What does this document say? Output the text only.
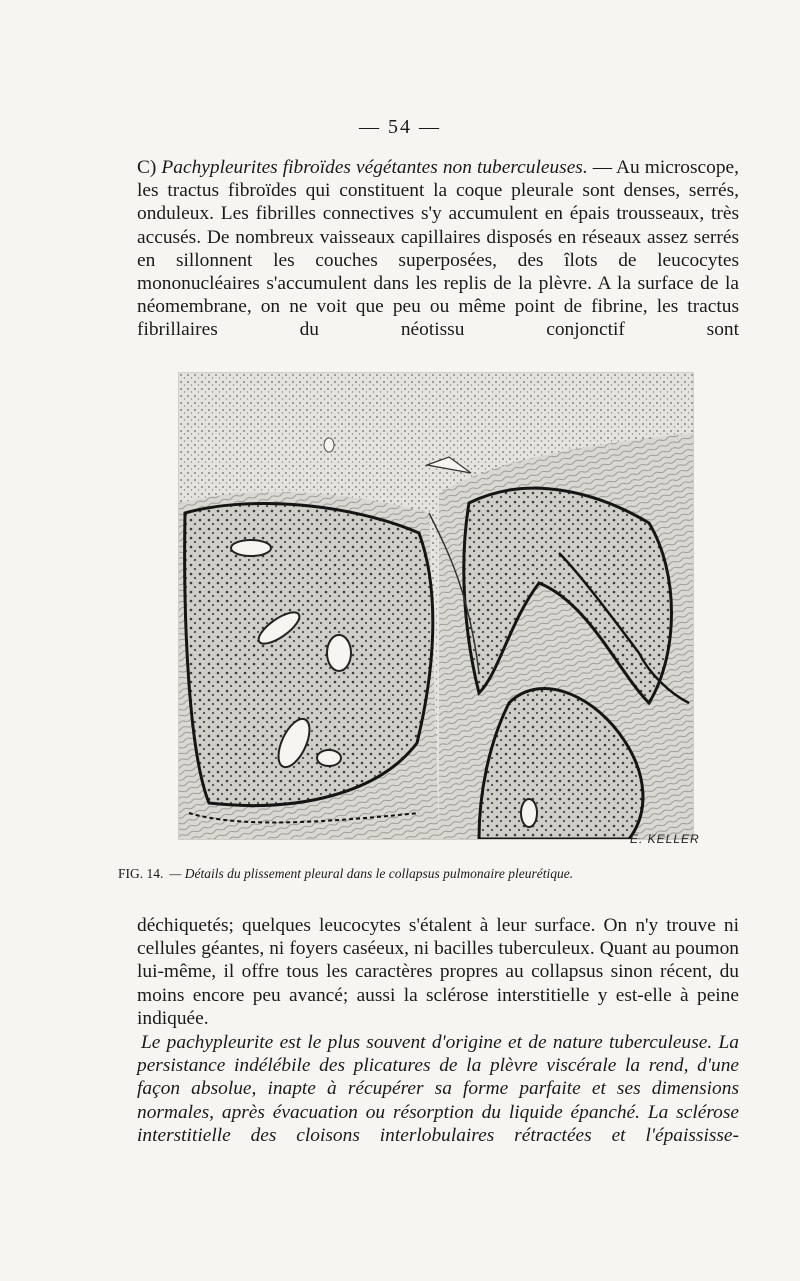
— 54 —

C) Pachypleurites fibroïdes végétantes non tuberculeuses. — Au microscope, les tractus fibroïdes qui constituent la coque pleurale sont denses, serrés, onduleux. Les fibrilles connectives s'y accumulent en épais trousseaux, très accusés. De nombreux vaisseaux capillaires disposés en réseaux assez serrés en sillonnent les couches superposées, des îlots de leucocytes mononucléaires s'accumulent dans les replis de la plèvre. A la surface de la néomembrane, on ne voit que peu ou même point de fibrine, les tractus fibrillaires du néotissu conjonctif sont

E. KELLER
FIG. 14. — Détails du plissement pleural dans le collapsus pulmonaire pleurétique.

déchiquetés; quelques leucocytes s'étalent à leur surface. On n'y trouve ni cellules géantes, ni foyers caséeux, ni bacilles tuberculeux. Quant au poumon lui-même, il offre tous les caractères propres au collapsus sinon récent, du moins encore peu avancé; aussi la sclérose interstitielle y est-elle à peine indiquée.

Le pachypleurite est le plus souvent d'origine et de nature tuberculeuse. La persistance indélébile des plicatures de la plèvre viscérale la rend, d'une façon absolue, inapte à récupérer sa forme parfaite et ses dimensions normales, après évacuation ou résorption du liquide épanché. La sclérose interstitielle des cloisons interlobulaires rétractées et l'épaississe-
